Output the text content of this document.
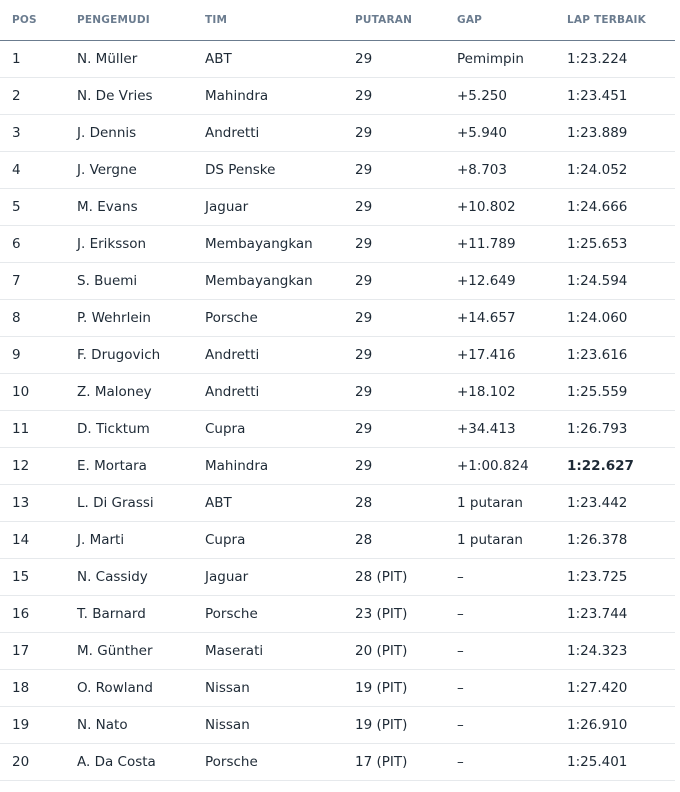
POS	PENGEMUDI	TIM	PUTARAN	GAP	LAP TERBAIK
1	N. Müller	ABT	29	Pemimpin	1:23.224
2	N. De Vries	Mahindra	29	+5.250	1:23.451
3	J. Dennis	Andretti	29	+5.940	1:23.889
4	J. Vergne	DS Penske	29	+8.703	1:24.052
5	M. Evans	Jaguar	29	+10.802	1:24.666
6	J. Eriksson	Membayangkan	29	+11.789	1:25.653
7	S. Buemi	Membayangkan	29	+12.649	1:24.594
8	P. Wehrlein	Porsche	29	+14.657	1:24.060
9	F. Drugovich	Andretti	29	+17.416	1:23.616
10	Z. Maloney	Andretti	29	+18.102	1:25.559
11	D. Ticktum	Cupra	29	+34.413	1:26.793
12	E. Mortara	Mahindra	29	+1:00.824	1:22.627
13	L. Di Grassi	ABT	28	1 putaran	1:23.442
14	J. Marti	Cupra	28	1 putaran	1:26.378
15	N. Cassidy	Jaguar	28 (PIT)	–	1:23.725
16	T. Barnard	Porsche	23 (PIT)	–	1:23.744
17	M. Günther	Maserati	20 (PIT)	–	1:24.323
18	O. Rowland	Nissan	19 (PIT)	–	1:27.420
19	N. Nato	Nissan	19 (PIT)	–	1:26.910
20	A. Da Costa	Porsche	17 (PIT)	–	1:25.401
